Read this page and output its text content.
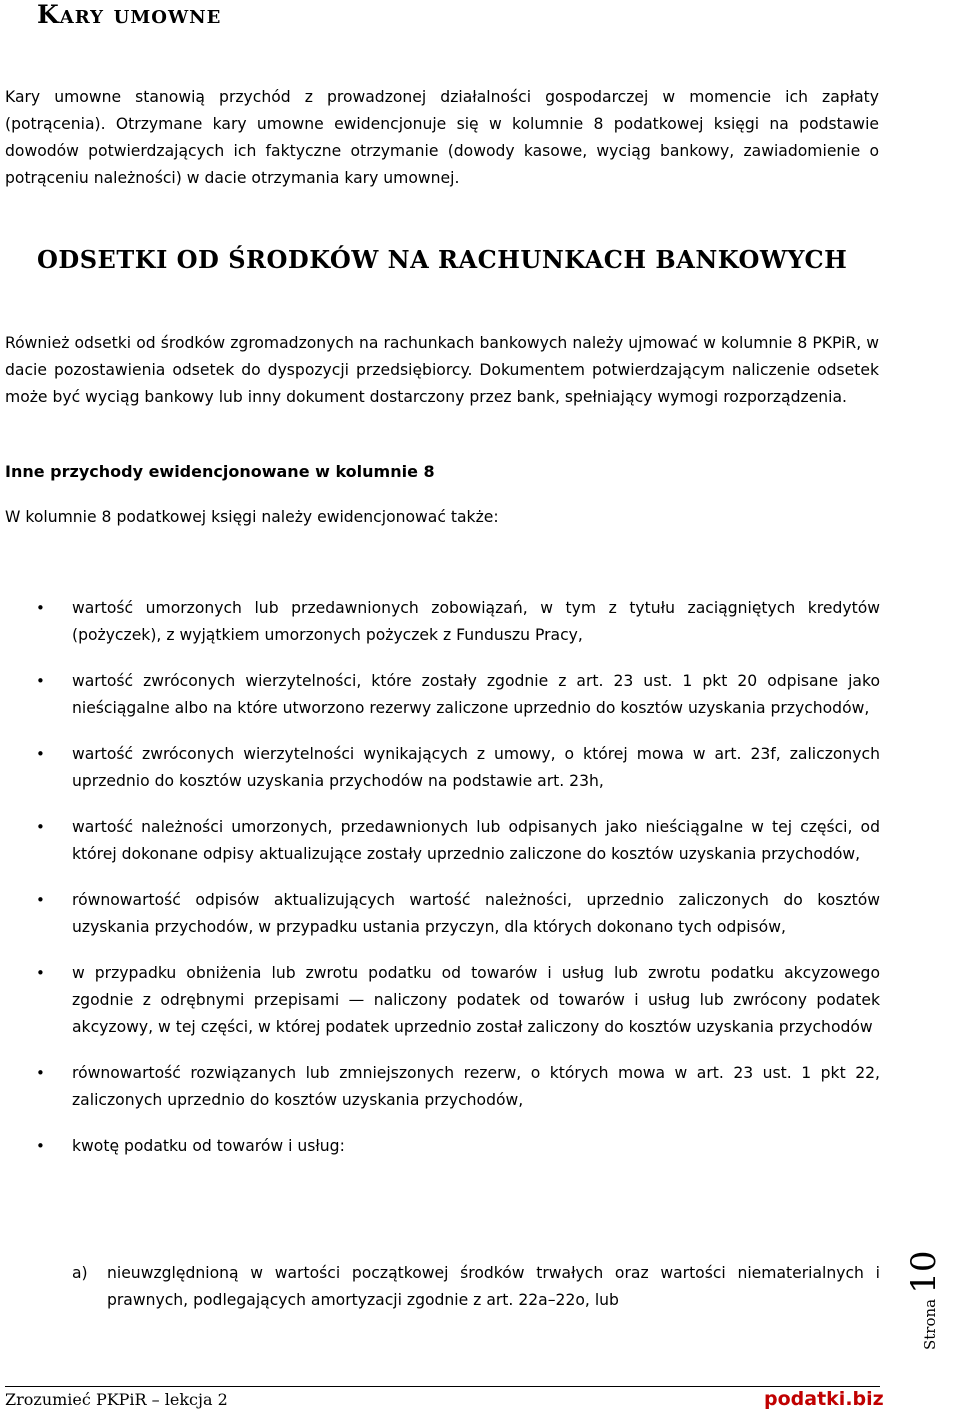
Kary umowne

Kary umowne stanowią przychód z prowadzonej działalności gospodarczej w momencie ich zapłaty (potrącenia). Otrzymane kary umowne ewidencjonuje się w kolumnie 8 podatkowej księgi na podstawie dowodów potwierdzających ich faktyczne otrzymanie (dowody kasowe, wyciąg bankowy, zawiadomienie o potrąceniu należności) w dacie otrzymania kary umownej.

ODSETKI OD ŚRODKÓW NA RACHUNKACH BANKOWYCH

Również odsetki od środków zgromadzonych na rachunkach bankowych należy ujmować w kolumnie 8 PKPiR, w dacie pozostawienia odsetek do dyspozycji przedsiębiorcy. Dokumentem potwierdzającym naliczenie odsetek może być wyciąg bankowy lub inny dokument dostarczony przez bank, spełniający wymogi rozporządzenia.

Inne przychody ewidencjonowane w kolumnie 8
W kolumnie 8 podatkowej księgi należy ewidencjonować także:
• wartość umorzonych lub przedawnionych zobowiązań, w tym z tytułu zaciągniętych kredytów (pożyczek), z wyjątkiem umorzonych pożyczek z Funduszu Pracy,
• wartość zwróconych wierzytelności, które zostały zgodnie z art. 23 ust. 1 pkt 20 odpisane jako nieściągalne albo na które utworzono rezerwy zaliczone uprzednio do kosztów uzyskania przychodów,
• wartość zwróconych wierzytelności wynikających z umowy, o której mowa w art. 23f, zaliczonych uprzednio do kosztów uzyskania przychodów na podstawie art. 23h,
• wartość należności umorzonych, przedawnionych lub odpisanych jako nieściągalne w tej części, od której dokonane odpisy aktualizujące zostały uprzednio zaliczone do kosztów uzyskania przychodów,
• równowartość odpisów aktualizujących wartość należności, uprzednio zaliczonych do kosztów uzyskania przychodów, w przypadku ustania przyczyn, dla których dokonano tych odpisów,
• w przypadku obniżenia lub zwrotu podatku od towarów i usług lub zwrotu podatku akcyzowego zgodnie z odrębnymi przepisami — naliczony podatek od towarów i usług lub zwrócony podatek akcyzowy, w tej części, w której podatek uprzednio został zaliczony do kosztów uzyskania przychodów
• równowartość rozwiązanych lub zmniejszonych rezerw, o których mowa w art. 23 ust. 1 pkt 22, zaliczonych uprzednio do kosztów uzyskania przychodów,
• kwotę podatku od towarów i usług:
a)	nieuwzględnioną w wartości początkowej środków trwałych oraz wartości niematerialnych i prawnych, podlegających amortyzacji zgodnie z art. 22a–22o, lub	Strona 10
Zrozumieć PKPiR – lekcja 2	podatki.biz
